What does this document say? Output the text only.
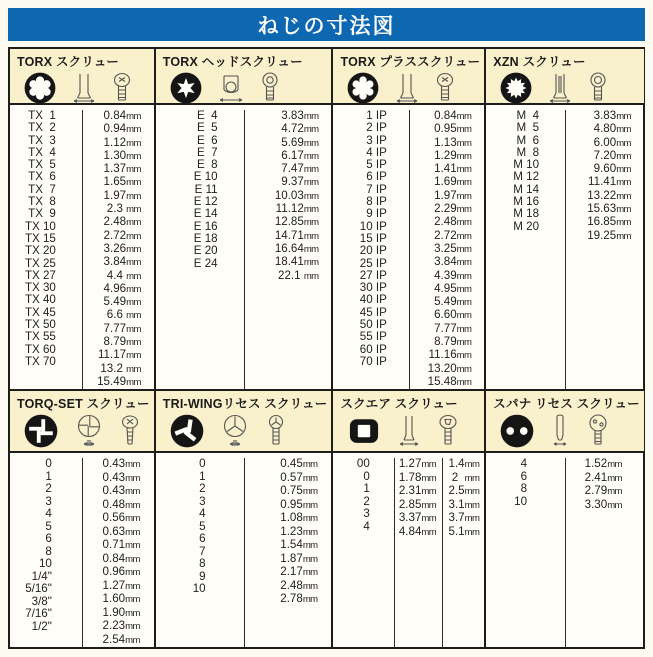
ねじの寸法図
TORX スクリュー
TX  1
TX  2
TX  3
TX  4
TX  5
TX  6
TX  7
TX  8
TX  9
TX 10
TX 15
TX 20
TX 25
TX 27
TX 30
TX 40
TX 45
TX 50
TX 55
TX 60
TX 70
0.84mm
0.94mm
1.12mm
1.30mm
1.37mm
1.65mm
1.97mm
2.3 mm
2.48mm
2.72mm
3.26mm
3.84mm
4.4 mm
4.96mm
5.49mm
6.6 mm
7.77mm
8.79mm
11.17mm
13.2 mm
15.49mm
TORX ヘッドスクリュー
E  4
E  5
E  6
E  7
E  8
E 10
E 11
E 12
E 14
E 16
E 18
E 20
E 24
3.83mm
4.72mm
5.69mm
6.17mm
7.47mm
9.37mm
10.03mm
11.12mm
12.85mm
14.71mm
16.64mm
18.41mm
22.1 mm
TORX プラススクリュー
1 IP
2 IP
3 IP
4 IP
5 IP
6 IP
7 IP
8 IP
9 IP
10 IP
15 IP
20 IP
25 IP
27 IP
30 IP
40 IP
45 IP
50 IP
55 IP
60 IP
70 IP
0.84mm
0.95mm
1.13mm
1.29mm
1.41mm
1.69mm
1.97mm
2.29mm
2.48mm
2.72mm
3.25mm
3.84mm
4.39mm
4.95mm
5.49mm
6.60mm
7.77mm
8.79mm
11.16mm
13.20mm
15.48mm
XZN スクリュー
M  4
M  5
M  6
M  8
M 10
M 12
M 14
M 16
M 18
M 20
3.83mm
4.80mm
6.00mm
7.20mm
9.60mm
11.41mm
13.22mm
15.63mm
16.85mm
19.25mm
TORQ-SET スクリュー
0
1
2
3
4
5
6
8
10
1/4"
5/16"
3/8"
7/16"
1/2"
0.43mm
0.43mm
0.43mm
0.48mm
0.56mm
0.63mm
0.71mm
0.84mm
0.96mm
1.27mm
1.60mm
1.90mm
2.23mm
2.54mm
TRI-WINGリセス スクリュー
0
1
2
3
4
5
6
7
8
9
10
0.45mm
0.57mm
0.75mm
0.95mm
1.08mm
1.23mm
1.54mm
1.87mm
2.17mm
2.48mm
2.78mm
スクエア スクリュー
00
0
1
2
3
4
1.27mm
1.78mm
2.31mm
2.85mm
3.37mm
4.84mm
1.4mm
2  mm
2.5mm
3.1mm
3.7mm
5.1mm
スパナ リセス スクリュー
4
6
8
10
1.52mm
2.41mm
2.79mm
3.30mm
